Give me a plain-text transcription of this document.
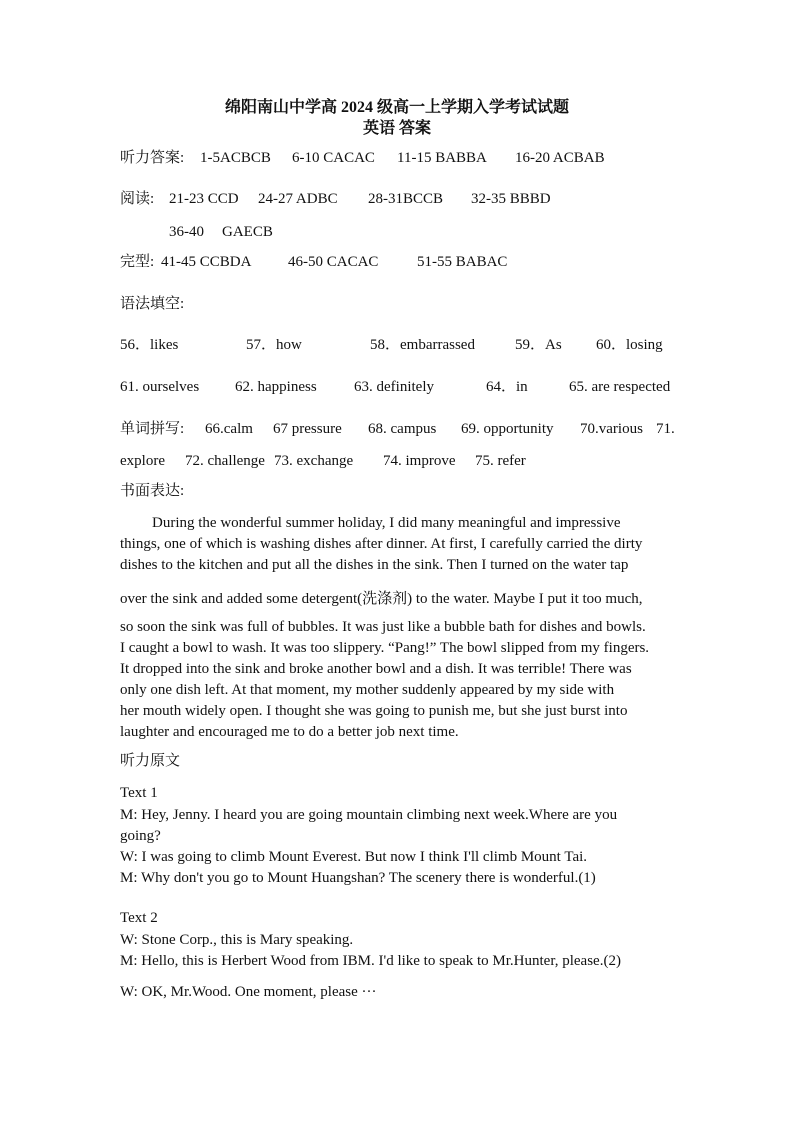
绵阳南山中学高 2024 级高一上学期入学考试试题
英语 答案
听力答案: 1-5ACBCB 6-10 CACAC 11-15 BABBA 16-20 ACBAB
阅读: 21-23 CCD 24-27 ADBC 28-31BCCB 32-35 BBBD
36-40 GAECB
完型: 41-45 CCBDA 46-50 CACAC	51-55 BABAC
语法填空:
56．likes	57．how	58．embarrassed	59．As 60．losing
61. ourselves 62. happiness 63. definitely	64．in	65. are respected
单词拼写: 66.calm 67 pressure 68. campus 69. opportunity 70.various 71.
explore 72. challenge 73. exchange 74. improve 75. refer
书面表达:
During the wonderful summer holiday, I did many meaningful and impressive
things, one of which is washing dishes after dinner. At first, I carefully carried the dirty
dishes to the kitchen and put all the dishes in the sink. Then I turned on the water tap
over the sink and added some detergent(洗涤剂) to the water. Maybe I put it too much,
so soon the sink was full of bubbles. It was just like a bubble bath for dishes and bowls.
I caught a bowl to wash. It was too slippery. “Pang!” The bowl slipped from my fingers.
It dropped into the sink and broke another bowl and a dish. It was terrible! There was
only one dish left. At that moment, my mother suddenly appeared by my side with
her mouth widely open. I thought she was going to punish me, but she just burst into
laughter and encouraged me to do a better job next time.
听力原文
Text 1
M: Hey, Jenny. I heard you are going mountain climbing next week.Where are you
going?
W: I was going to climb Mount Everest. But now I think I'll climb Mount Tai.
M: Why don't you go to Mount Huangshan? The scenery there is wonderful.(1)
Text 2
W: Stone Corp., this is Mary speaking.
M: Hello, this is Herbert Wood from IBM. I'd like to speak to Mr.Hunter, please.(2)
W: OK, Mr.Wood. One moment, please ···
